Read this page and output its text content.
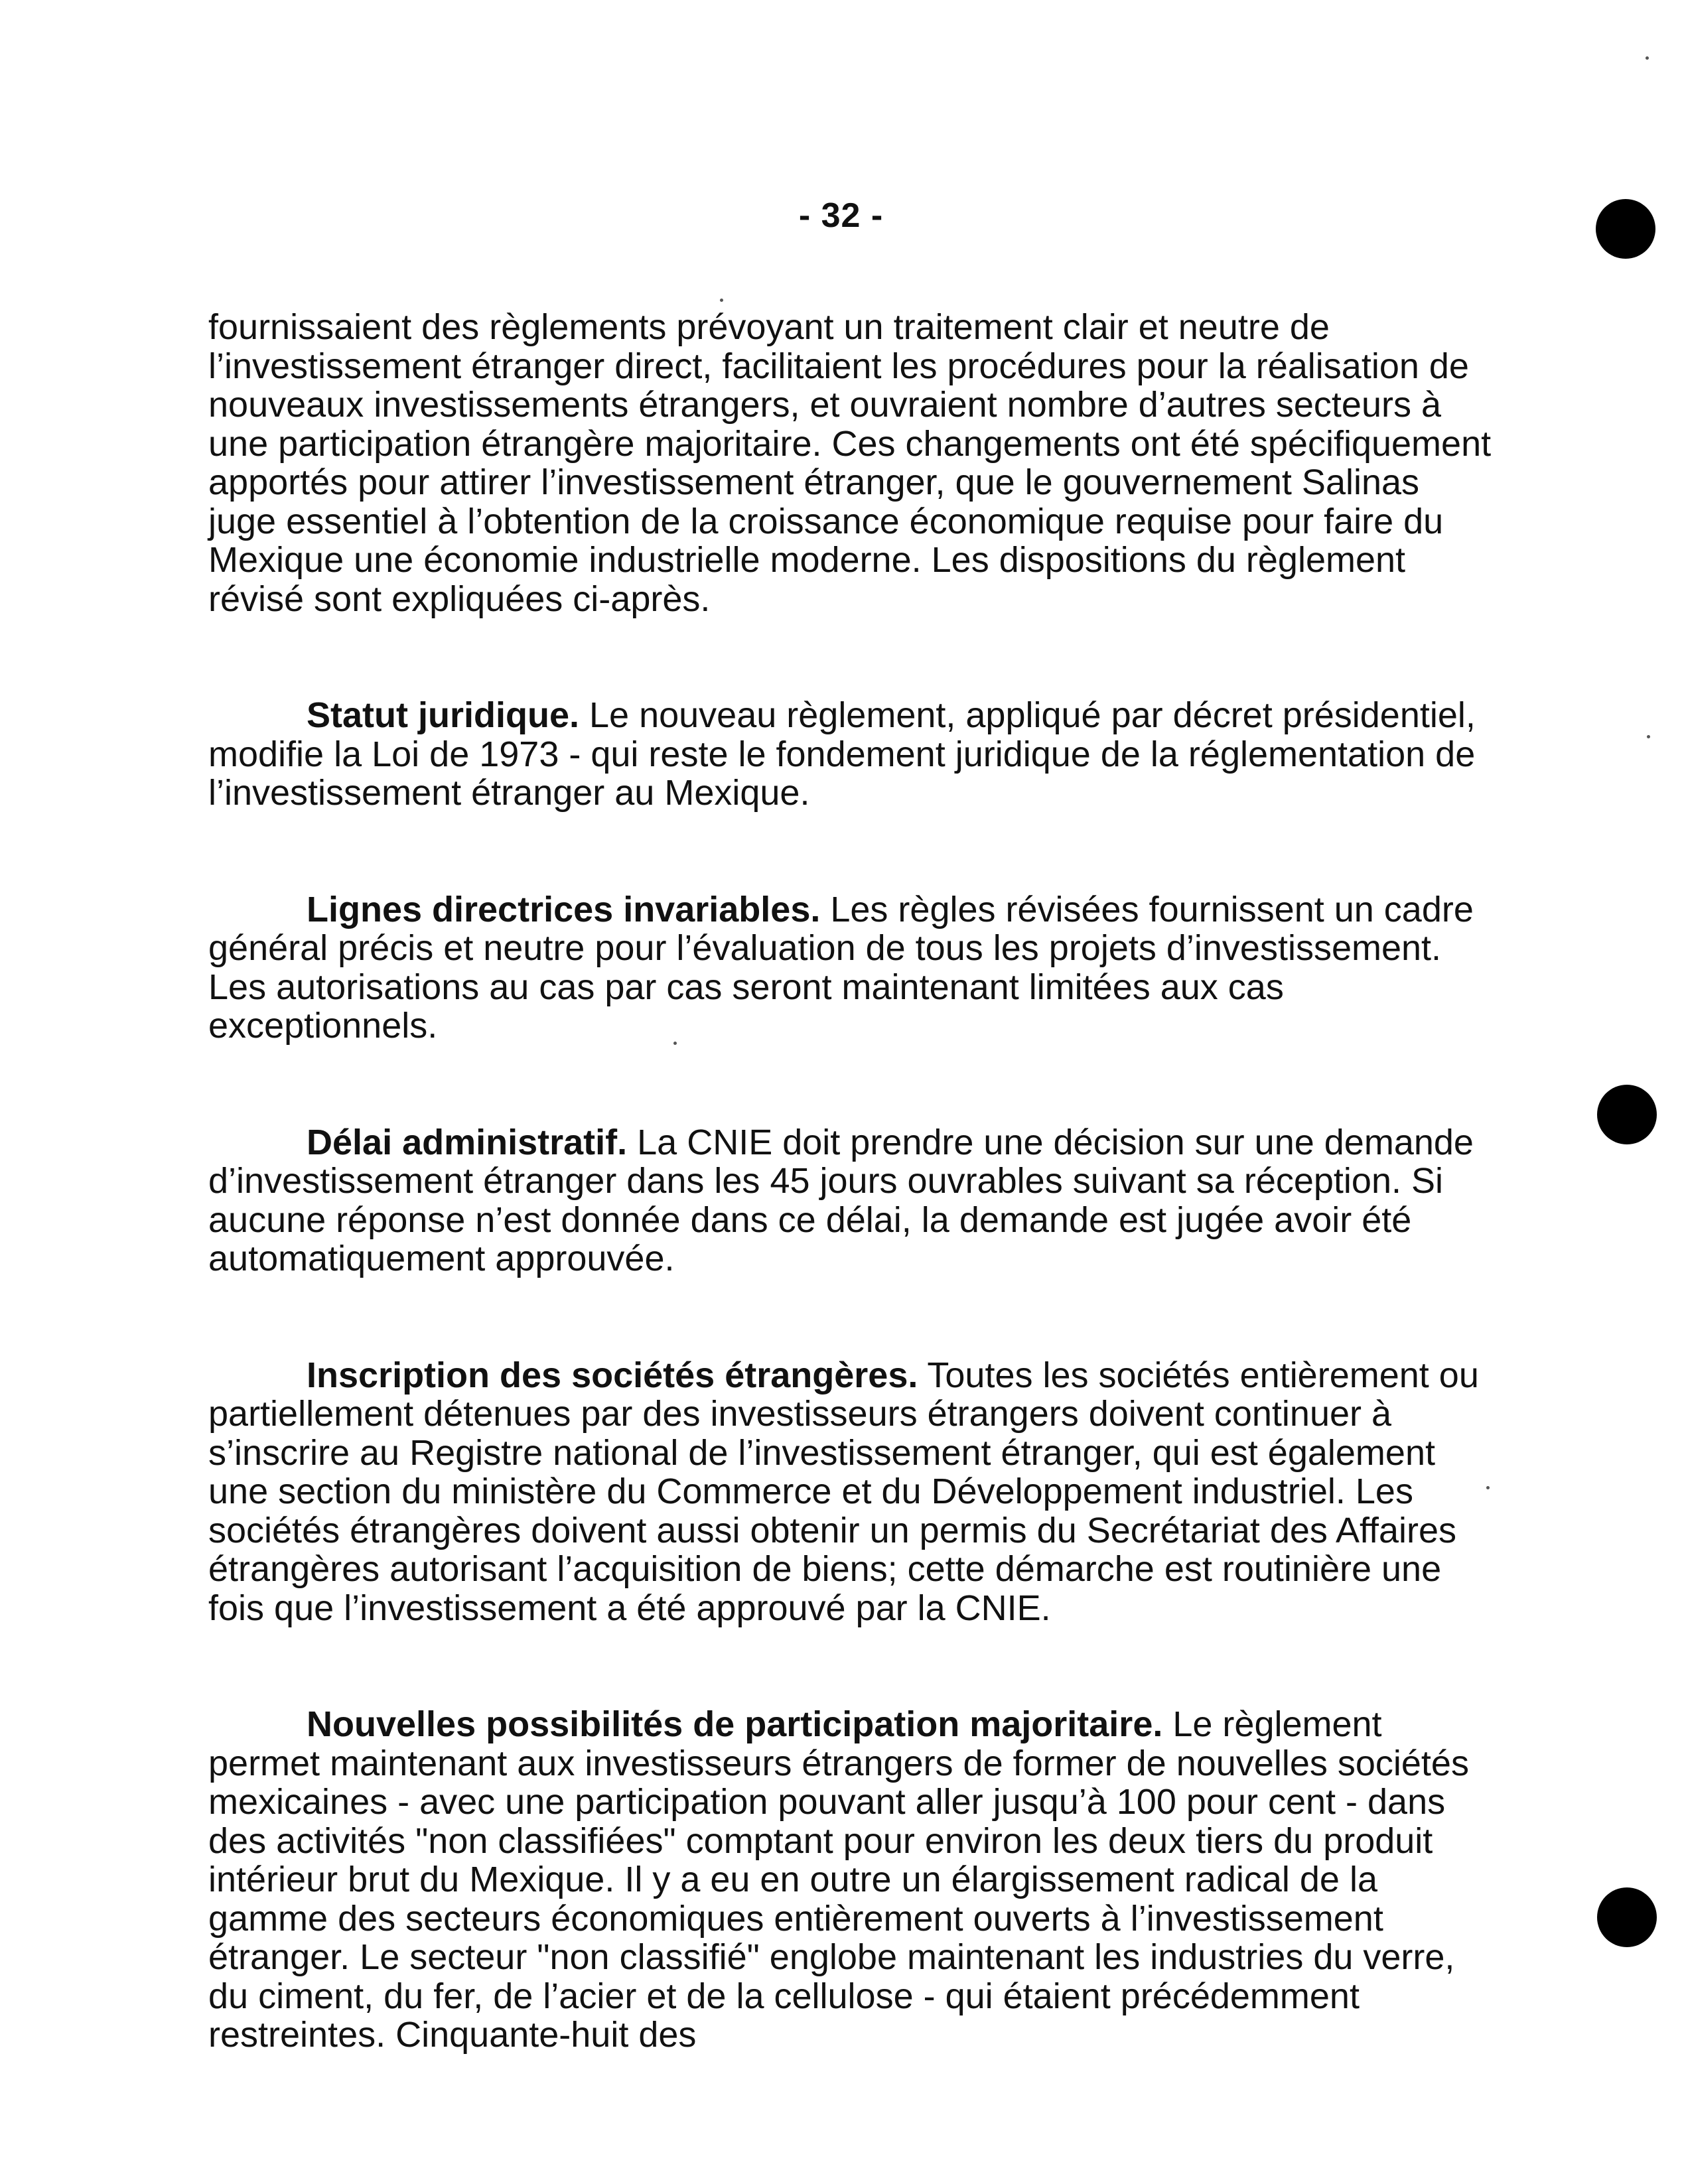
- 32 -

fournissaient des règlements prévoyant un traitement clair et neutre de l’investissement étranger direct, facilitaient les procédures pour la réalisation de nouveaux investissements étrangers, et ouvraient nombre d’autres secteurs à une participation étrangère majoritaire. Ces changements ont été spécifiquement apportés pour attirer l’investissement étranger, que le gouvernement Salinas juge essentiel à l’obtention de la croissance économique requise pour faire du Mexique une économie industrielle moderne. Les dispositions du règlement révisé sont expliquées ci-après.

Statut juridique. Le nouveau règlement, appliqué par décret présidentiel, modifie la Loi de 1973 - qui reste le fondement juridique de la réglementation de l’investissement étranger au Mexique.

Lignes directrices invariables. Les règles révisées fournissent un cadre général précis et neutre pour l’évaluation de tous les projets d’investissement. Les autorisations au cas par cas seront maintenant limitées aux cas exceptionnels.

Délai administratif. La CNIE doit prendre une décision sur une demande d’investissement étranger dans les 45 jours ouvrables suivant sa réception. Si aucune réponse n’est donnée dans ce délai, la demande est jugée avoir été automatiquement approuvée.

Inscription des sociétés étrangères. Toutes les sociétés entièrement ou partiellement détenues par des investisseurs étrangers doivent continuer à s’inscrire au Registre national de l’investissement étranger, qui est également une section du ministère du Commerce et du Développement industriel. Les sociétés étrangères doivent aussi obtenir un permis du Secrétariat des Affaires étrangères autorisant l’acquisition de biens; cette démarche est routinière une fois que l’investissement a été approuvé par la CNIE.

Nouvelles possibilités de participation majoritaire. Le règlement permet maintenant aux investisseurs étrangers de former de nouvelles sociétés mexicaines - avec une participation pouvant aller jusqu’à 100 pour cent - dans des activités "non classifiées" comptant pour environ les deux tiers du produit intérieur brut du Mexique. Il y a eu en outre un élargissement radical de la gamme des secteurs économiques entièrement ouverts à l’investissement étranger. Le secteur "non classifié" englobe maintenant les industries du verre, du ciment, du fer, de l’acier et de la cellulose - qui étaient précédemment restreintes. Cinquante-huit des
